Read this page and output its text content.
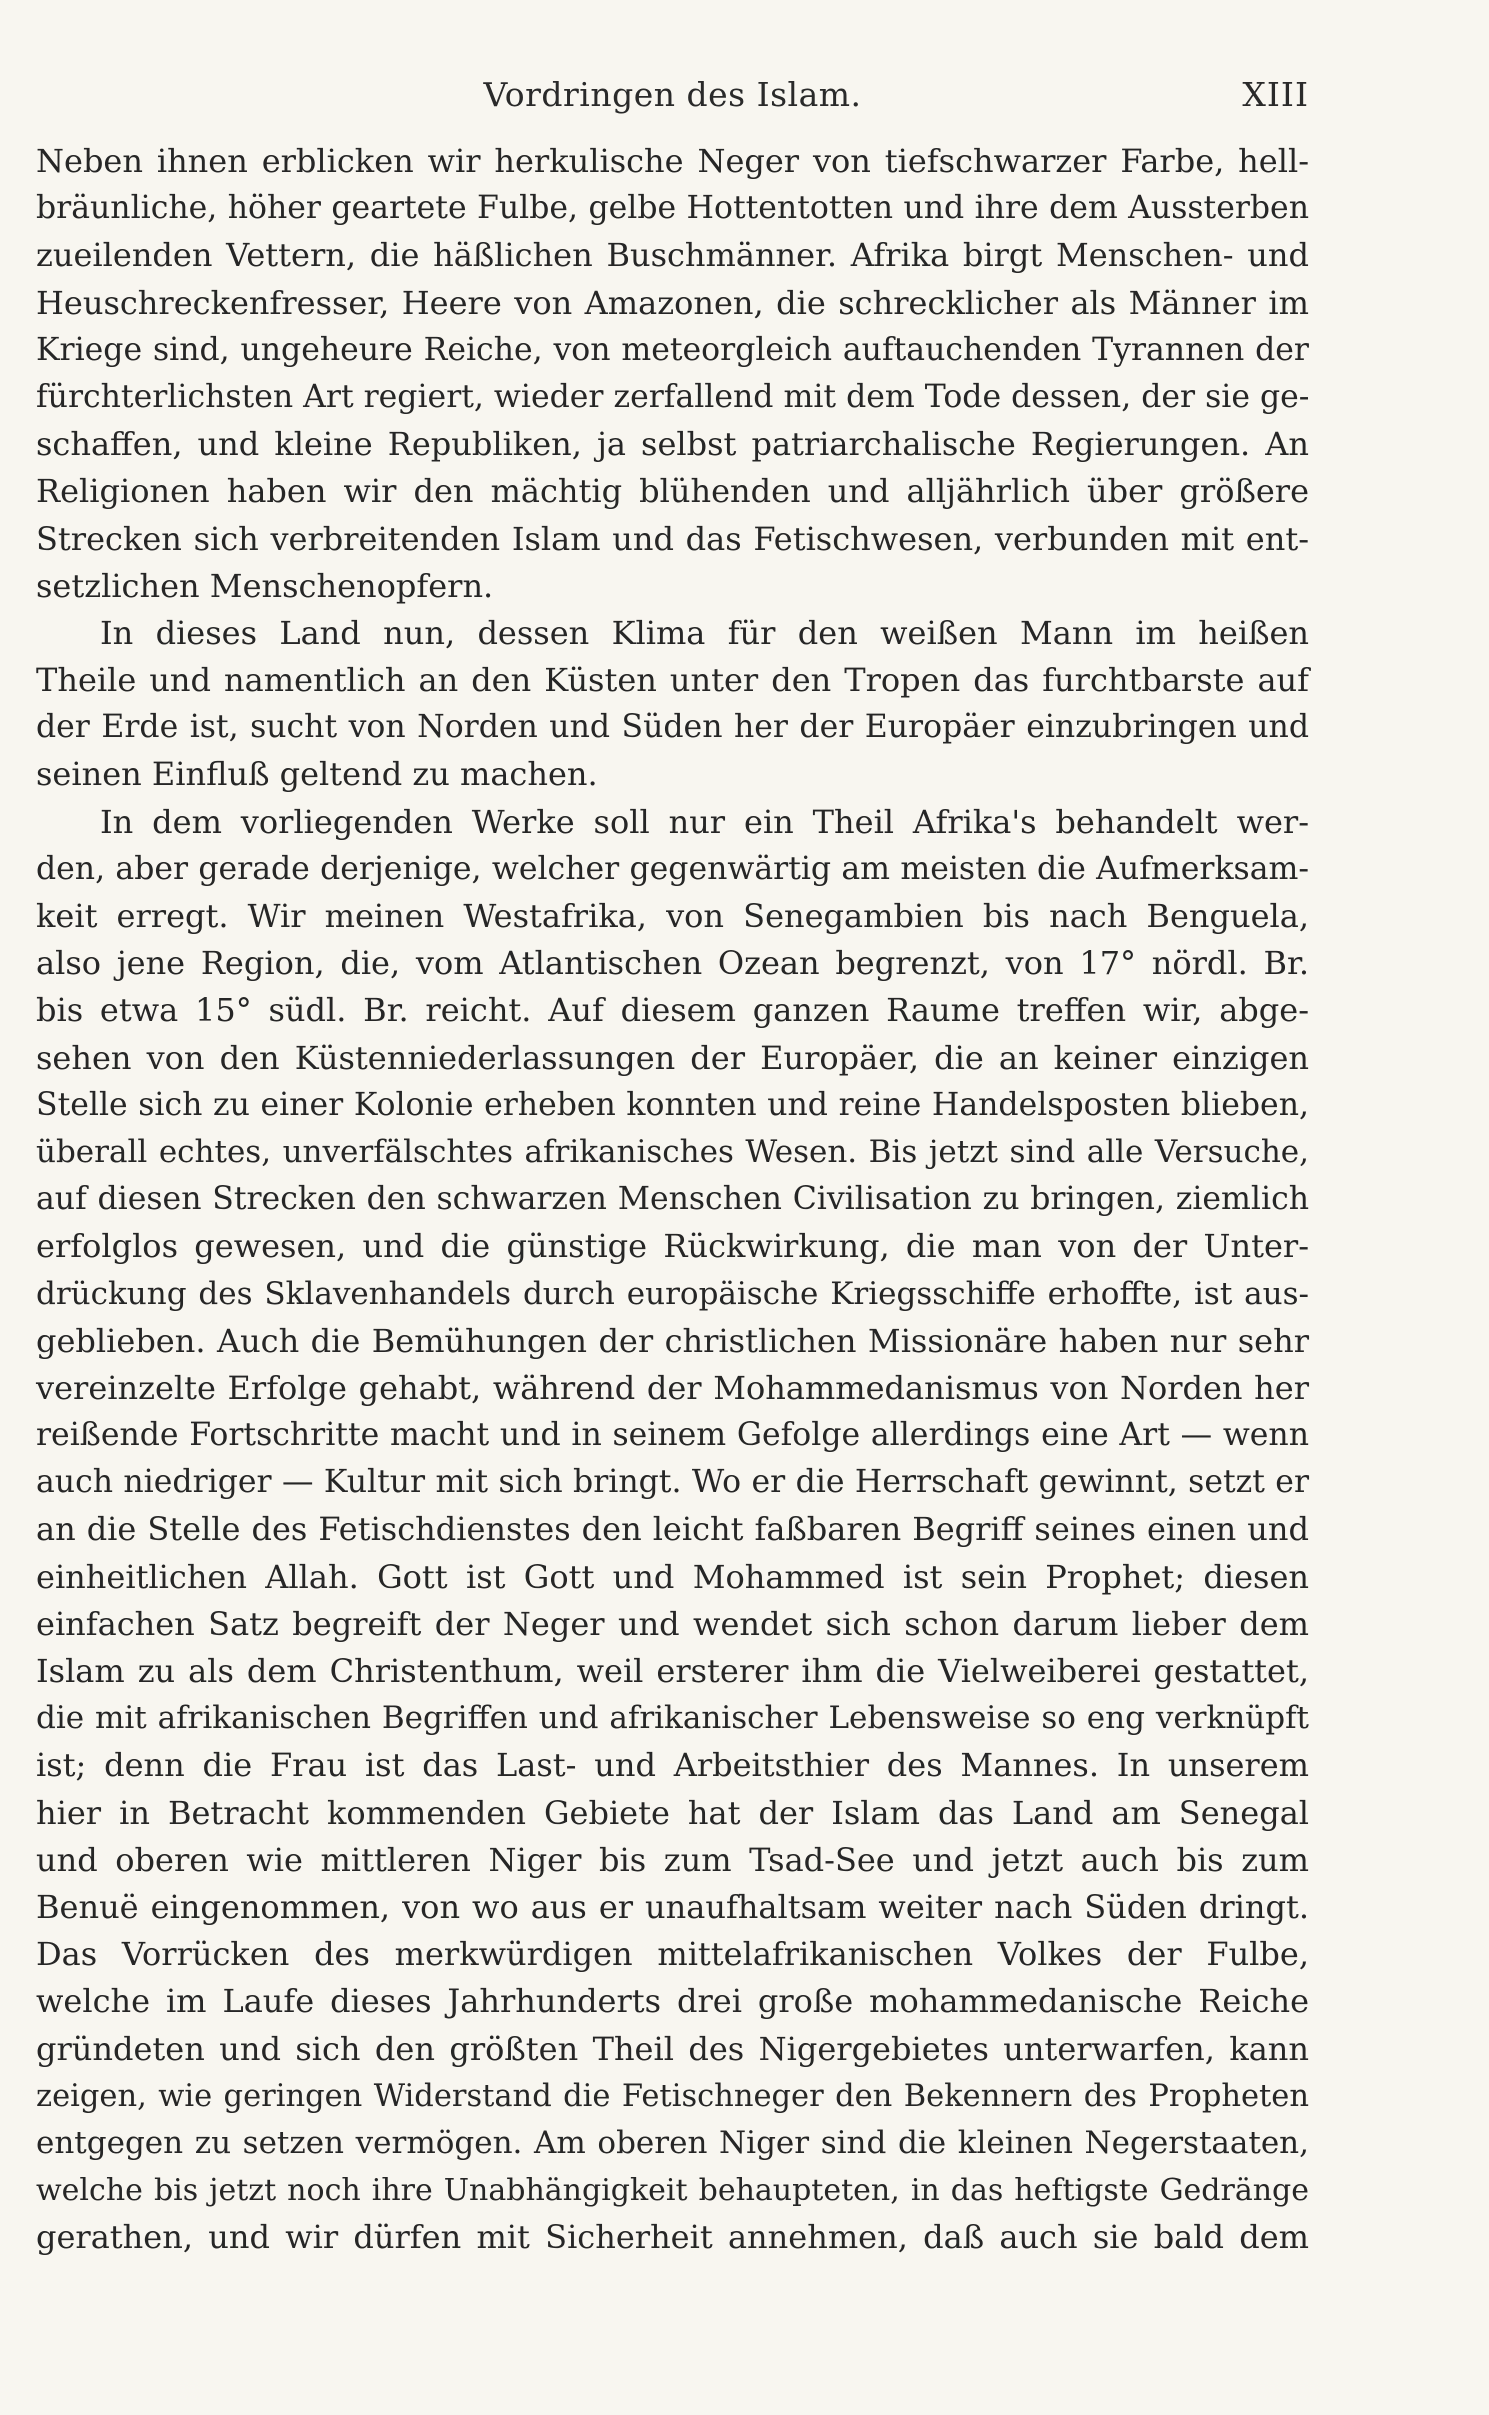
Vordringen des Islam.	XIII
Neben ihnen erblicken wir herkulische Neger von tiefschwarzer Farbe, hell-
bräunliche, höher geartete Fulbe, gelbe Hottentotten und ihre dem Aussterben
zueilenden Vettern, die häßlichen Buschmänner. Afrika birgt Menschen- und
Heuschreckenfresser, Heere von Amazonen, die schrecklicher als Männer im
Kriege sind, ungeheure Reiche, von meteorgleich auftauchenden Tyrannen der
fürchterlichsten Art regiert, wieder zerfallend mit dem Tode dessen, der sie ge-
schaffen, und kleine Republiken, ja selbst patriarchalische Regierungen. An
Religionen haben wir den mächtig blühenden und alljährlich über größere
Strecken sich verbreitenden Islam und das Fetischwesen, verbunden mit ent-
setzlichen Menschenopfern.
In dieses Land nun, dessen Klima für den weißen Mann im heißen
Theile und namentlich an den Küsten unter den Tropen das furchtbarste auf
der Erde ist, sucht von Norden und Süden her der Europäer einzubringen und
seinen Einfluß geltend zu machen.
In dem vorliegenden Werke soll nur ein Theil Afrika's behandelt wer-
den, aber gerade derjenige, welcher gegenwärtig am meisten die Aufmerksam-
keit erregt. Wir meinen Westafrika, von Senegambien bis nach Benguela,
also jene Region, die, vom Atlantischen Ozean begrenzt, von 17° nördl. Br.
bis etwa 15° südl. Br. reicht. Auf diesem ganzen Raume treffen wir, abge-
sehen von den Küstenniederlassungen der Europäer, die an keiner einzigen
Stelle sich zu einer Kolonie erheben konnten und reine Handelsposten blieben,
überall echtes, unverfälschtes afrikanisches Wesen. Bis jetzt sind alle Versuche,
auf diesen Strecken den schwarzen Menschen Civilisation zu bringen, ziemlich
erfolglos gewesen, und die günstige Rückwirkung, die man von der Unter-
drückung des Sklavenhandels durch europäische Kriegsschiffe erhoffte, ist aus-
geblieben. Auch die Bemühungen der christlichen Missionäre haben nur sehr
vereinzelte Erfolge gehabt, während der Mohammedanismus von Norden her
reißende Fortschritte macht und in seinem Gefolge allerdings eine Art — wenn
auch niedriger — Kultur mit sich bringt. Wo er die Herrschaft gewinnt, setzt er
an die Stelle des Fetischdienstes den leicht faßbaren Begriff seines einen und
einheitlichen Allah. Gott ist Gott und Mohammed ist sein Prophet; diesen
einfachen Satz begreift der Neger und wendet sich schon darum lieber dem
Islam zu als dem Christenthum, weil ersterer ihm die Vielweiberei gestattet,
die mit afrikanischen Begriffen und afrikanischer Lebensweise so eng verknüpft
ist; denn die Frau ist das Last- und Arbeitsthier des Mannes. In unserem
hier in Betracht kommenden Gebiete hat der Islam das Land am Senegal
und oberen wie mittleren Niger bis zum Tsad-See und jetzt auch bis zum
Benuë eingenommen, von wo aus er unaufhaltsam weiter nach Süden dringt.
Das Vorrücken des merkwürdigen mittelafrikanischen Volkes der Fulbe,
welche im Laufe dieses Jahrhunderts drei große mohammedanische Reiche
gründeten und sich den größten Theil des Nigergebietes unterwarfen, kann
zeigen, wie geringen Widerstand die Fetischneger den Bekennern des Propheten
entgegen zu setzen vermögen. Am oberen Niger sind die kleinen Negerstaaten,
welche bis jetzt noch ihre Unabhängigkeit behaupteten, in das heftigste Gedränge
gerathen, und wir dürfen mit Sicherheit annehmen, daß auch sie bald dem
